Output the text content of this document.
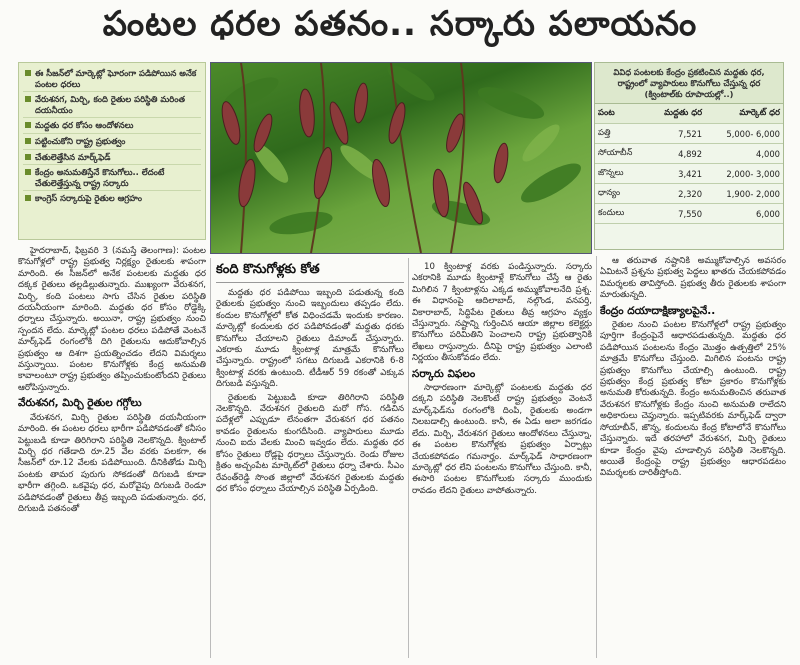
పంటల ధరల పతనం.. సర్కారు పలాయనం
ఈ సీజన్‌లో మార్కెట్లో ఘోరంగా పడిపోయిన అనేక పంటల ధరలు
వేరుశనగ, మిర్చి, కంది రైతుల పరిస్థితి మరింత దయనీయం
మద్దతు ధర కోసం ఆందోళనలు
పట్టించుకోని రాష్ట్ర ప్రభుత్వం
చేతులెత్తేసిన మార్క్‌ఫెడ్
కేంద్రం అనుమతిస్తేనే కొనుగోలు.. లేదంటే చేతులెత్తేస్తున్న రాష్ట్ర సర్కారు
కాంగ్రెస్ సర్కారుపై రైతుల ఆగ్రహం
వివిధ పంటలకు కేంద్రం ప్రకటించిన మద్దతు ధర, రాష్ట్రంలో వ్యాపారులు కొనుగోలు చేస్తున్న ధర (క్వింటాల్‌కు రూపాయల్లో..)
పంట	మద్దతు ధర	మార్కెట్ ధర
పత్తి	7,521	5,000- 6,000
సోయాబీన్	4,892	4,000
జొన్నలు	3,421	2,000- 3,000
ధాన్యం	2,320	1,900- 2,000
కందులు	7,550	6,000

హైదరాబాద్, ఫిబ్రవరి 3 (నమస్తే తెలంగాణ): పంటల కొనుగోళ్లలో రాష్ట్ర ప్రభుత్వ నిర్లక్ష్యం రైతులకు శాపంగా మారింది. ఈ సీజన్‌లో అనేక పంటలకు మద్దతు ధర దక్కక రైతులు తల్లడిల్లుతున్నారు. ముఖ్యంగా వేరుశనగ, మిర్చి, కంది పంటలు సాగు చేసిన రైతుల పరిస్థితి దయనీయంగా మారింది. మద్దతు ధర కోసం రోడ్డెక్కి ధర్నాలు చేస్తున్నారు. అయినా, రాష్ట్ర ప్రభుత్వం నుంచి స్పందన లేదు. మార్కెట్లో పంటల ధరలు పడిపోతే వెంటనే మార్క్‌ఫెడ్ రంగంలోకి దిగి రైతులను ఆదుకోవాల్సిన ప్రభుత్వం ఆ దిశగా ప్రయత్నించడం లేదని విమర్శలు వస్తున్నాయి. పంటల కొనుగోళ్లకు కేంద్ర అనుమతి కావాలంటూ రాష్ట్ర ప్రభుత్వం తప్పించుకుంటోందని రైతులు ఆరోపిస్తున్నారు.

వేరుశనగ, మిర్చి రైతుల గగ్గోలు

వేరుశనగ, మిర్చి రైతుల పరిస్థితి దయనీయంగా మారింది. ఈ పంటల ధరలు భారీగా పడిపోవడంతో కనీసం పెట్టుబడి కూడా తిరిగిరాని పరిస్థితి నెలకొన్నది. క్వింటాల్ మిర్చి ధర గతేడాది రూ.25 వేల వరకు పలకగా, ఈ సీజన్‌లో రూ.12 వేలకు పడిపోయింది. దీనికితోడు మిర్చి పంటకు తామర పురుగు సోకడంతో దిగుబడి కూడా భారీగా తగ్గింది. ఒకవైపు ధర, మరోవైపు దిగుబడి రెండూ పడిపోవడంతో రైతులు తీవ్ర ఇబ్బంది పడుతున్నారు. ధర, దిగుబడి పతనంతో

కంది కొనుగోళ్లకు కోత

మద్దతు ధర పడిపోయి ఇబ్బంది పడుతున్న కంది రైతులకు ప్రభుత్వం నుంచి ఇబ్బందులు తప్పడం లేదు. కందుల కొనుగోళ్లలో కోత విధించడమే ఇందుకు కారణం. మార్కెట్లో కందులకు ధర పడిపోవడంతో మద్దతు ధరకు కొనుగోలు చేయాలని రైతులు డిమాండ్ చేస్తున్నారు. ఎకరాకు మూడు క్వింటాళ్ల మాత్రమే కొనుగోలు చేస్తున్నారు. రాష్ట్రంలో సగటు దిగుబడి ఎకరానికి 6-8 క్వింటాళ్ల వరకు ఉంటుంది. టీడీఆర్ 59 రకంతో ఎక్కువ దిగుబడి వస్తున్నది.

రైతులకు పెట్టుబడి కూడా తిరిగిరాని పరిస్థితి నెలకొన్నది. వేరుశనగ రైతులది మరో గోస. గడిచిన పదేళ్లలో ఎప్పుడూ లేనంతగా వేరుశనగ ధర పతనం కావడం రైతులను కుంగదీసింది. వ్యాపారులు మూడు నుంచి ఐదు వేలకు మించి ఇవ్వడం లేదు. మద్దతు ధర కోసం రైతులు రోడ్లపై ధర్నాలు చేస్తున్నారు. రెండు రోజుల క్రితం అచ్చంపేట మార్కెట్‌లో రైతులు ధర్నా చేశారు. సీఎం రేవంత్‌రెడ్డి సొంత జిల్లాలో వేరుశనగ రైతులకు మద్దతు ధర కోసం ధర్నాలు చేయాల్సిన పరిస్థితి ఏర్పడింది.

10 క్వింటాళ్ల వరకు పండిస్తున్నారు. సర్కారు ఎకరానికి మూడు క్వింటాళ్లే కొనుగోలు చేస్తే ఆ రైతు మిగిలిన 7 క్వింటాళ్లను ఎక్కడ అమ్ముకోవాలనేది ప్రశ్న. ఈ విధానంపై ఆదిలాబాద్, నల్గొండ, వనపర్తి, వికారాబాద్, సిద్దిపేట రైతులు తీవ్ర ఆగ్రహం వ్యక్తం చేస్తున్నారు. నష్టాన్ని గుర్తించిన ఆయా జిల్లాల కలెక్టర్లు కొనుగోలు పరిమితిని పెంచాలని రాష్ట్ర ప్రభుత్వానికి లేఖలు రాస్తున్నారు. దీనిపై రాష్ట్ర ప్రభుత్వం ఎలాంటి నిర్ణయం తీసుకోవడం లేదు.

సర్కారు విఫలం

సాధారణంగా మార్కెట్లో పంటలకు మద్దతు ధర దక్కని పరిస్థితి నెలకొంటే రాష్ట్ర ప్రభుత్వం వెంటనే మార్క్‌ఫెడ్‌ను రంగంలోకి దింపి, రైతులకు అండగా నిలబడాల్సి ఉంటుంది. కానీ, ఈ ఏడు అలా జరగడం లేదు. మిర్చి, వేరుశనగ రైతులు ఆందోళనలు చేస్తున్నా, ఈ పంటల కొనుగోళ్లకు ప్రభుత్వం ఏర్పాట్లు చేయకపోవడం గమనార్హం. మార్క్‌ఫెడ్ సాధారణంగా మార్కెట్లో ధర లేని పంటలను కొనుగోలు చేస్తుంది. కానీ, ఈసారి పంటల కొనుగోలుకు సర్కారు ముందుకు రావడం లేదని రైతులు వాపోతున్నారు.

ఆ తరువాత నష్టానికి అమ్ముకోవాల్సిన అవసరం ఏమిటనే ప్రశ్నను ప్రభుత్వ పెద్దలు ఖాతరు చేయకపోవడం విమర్శలకు తావిస్తోంది. ప్రభుత్వ తీరు రైతులకు శాపంగా మారుతున్నది.

కేంద్రం దయాదాక్షిణ్యాలపైనే..

రైతుల నుంచి పంటల కొనుగోళ్లలో రాష్ట్ర ప్రభుత్వం పూర్తిగా కేంద్రంపైనే ఆధారపడుతున్నది. మద్దతు ధర పడిపోయిన పంటలను కేంద్రం మొత్తం ఉత్పత్తిలో 25% మాత్రమే కొనుగోలు చేస్తుంది. మిగిలిన పంటను రాష్ట్ర ప్రభుత్వం కొనుగోలు చేయాల్సి ఉంటుంది. రాష్ట్ర ప్రభుత్వం కేంద్ర ప్రభుత్వ కోటా ప్రకారం కొనుగోళ్లకు అనుమతి కోరుతున్నది. కేంద్రం అనుమతించిన తరువాత వేరుశనగ కొనుగోళ్లకు కేంద్రం నుంచి అనుమతి రాలేదని అధికారులు చెప్తున్నారు. ఇప్పటివరకు మార్క్‌ఫెడ్ ద్వారా సోయాబీన్, జొన్న, కందులను కేంద్ర కోటాలోనే కొనుగోలు చేస్తున్నారు. ఇదే తరహాలో వేరుశనగ, మిర్చి రైతులు కూడా కేంద్రం వైపు చూడాల్సిన పరిస్థితి నెలకొన్నది. అయితే కేంద్రంపై రాష్ట్ర ప్రభుత్వం ఆధారపడటం విమర్శలకు దారితీస్తోంది.
